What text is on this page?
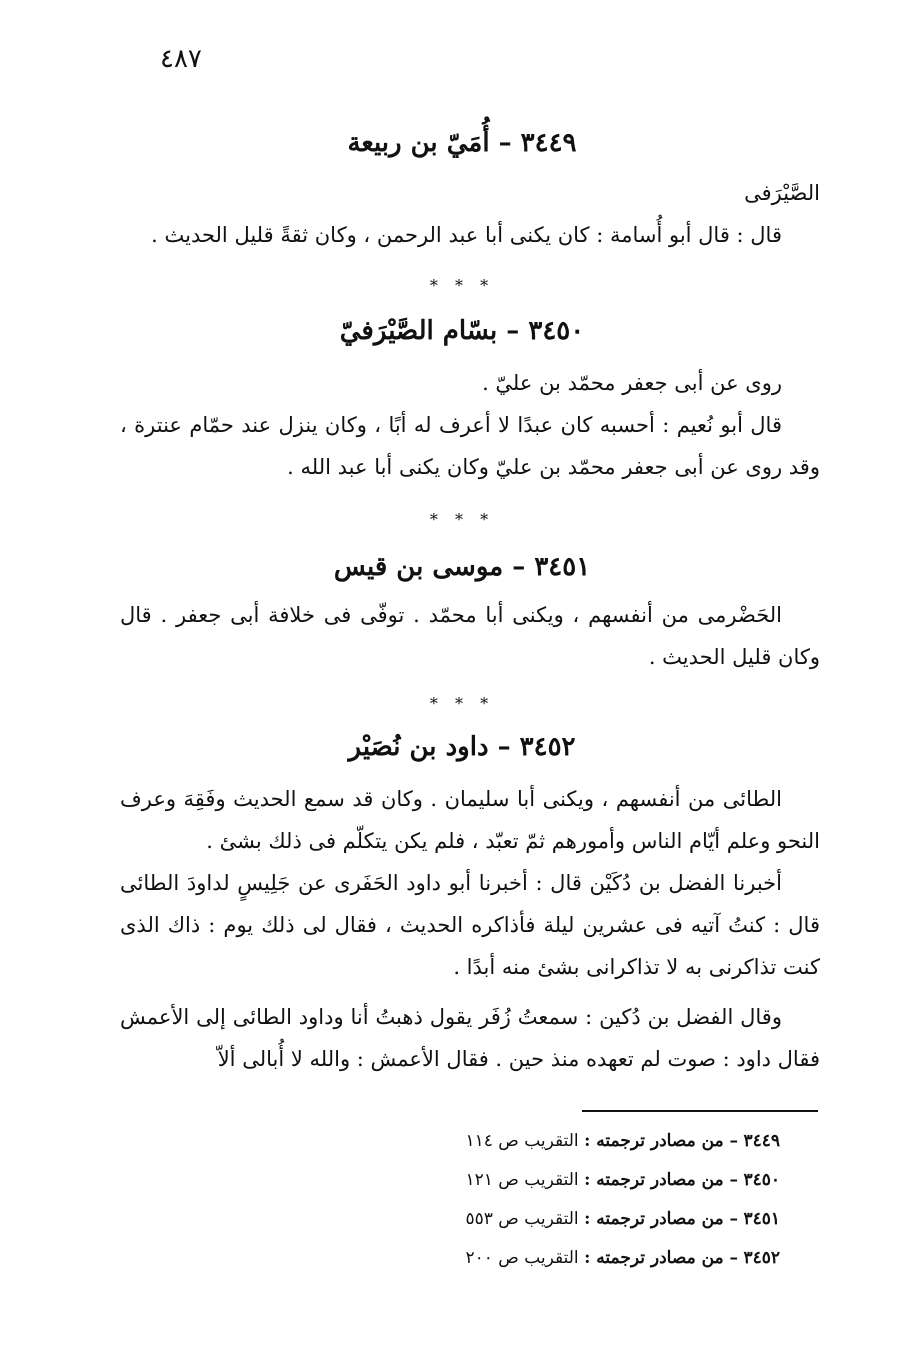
٤٨٧
٣٤٤٩ – أُمَيّ بن ربيعة
الصَّيْرَفى
قال : قال أبو أُسامة : كان يكنى أبا عبد الرحمن ، وكان ثقةً قليل الحديث .
* * *
٣٤٥٠ – بسّام الصَّيْرَفيّ
روى عن أبى جعفر محمّد بن عليّ .
قال أبو نُعيم : أحسبه كان عبدًا لا أعرف له أبًا ، وكان ينزل عند حمّام عنترة ، وقد روى عن أبى جعفر محمّد بن عليّ وكان يكنى أبا عبد الله .
* * *
٣٤٥١ – موسى بن قيس
الحَضْرمى من أنفسهم ، ويكنى أبا محمّد . توفّى فى خلافة أبى جعفر . قال وكان قليل الحديث .
* * *
٣٤٥٢ – داود بن نُصَيْر
الطائى من أنفسهم ، ويكنى أبا سليمان . وكان قد سمع الحديث وفَقِهَ وعرف النحو وعلم أيّام الناس وأمورهم ثمّ تعبّد ، فلم يكن يتكلّم فى ذلك بشئ .
أخبرنا الفضل بن دُكَيْن قال : أخبرنا أبو داود الحَفَرى عن جَلِيسٍ لداودَ الطائى قال : كنتُ آتيه فى عشرين ليلة فأذاكره الحديث ، فقال لى ذلك يوم : ذاك الذى كنت تذاكرنى به لا تذاكرانى بشئ منه أبدًا .
وقال الفضل بن دُكين : سمعتُ زُفَر يقول ذهبتُ أنا وداود الطائى إلى الأعمش فقال داود : صوت لم تعهده منذ حين . فقال الأعمش : والله لا أُبالى ألاّ
٣٤٤٩ – من مصادر ترجمته : التقريب ص ١١٤
٣٤٥٠ – من مصادر ترجمته : التقريب ص ١٢١
٣٤٥١ – من مصادر ترجمته : التقريب ص ٥٥٣
٣٤٥٢ – من مصادر ترجمته : التقريب ص ٢٠٠
